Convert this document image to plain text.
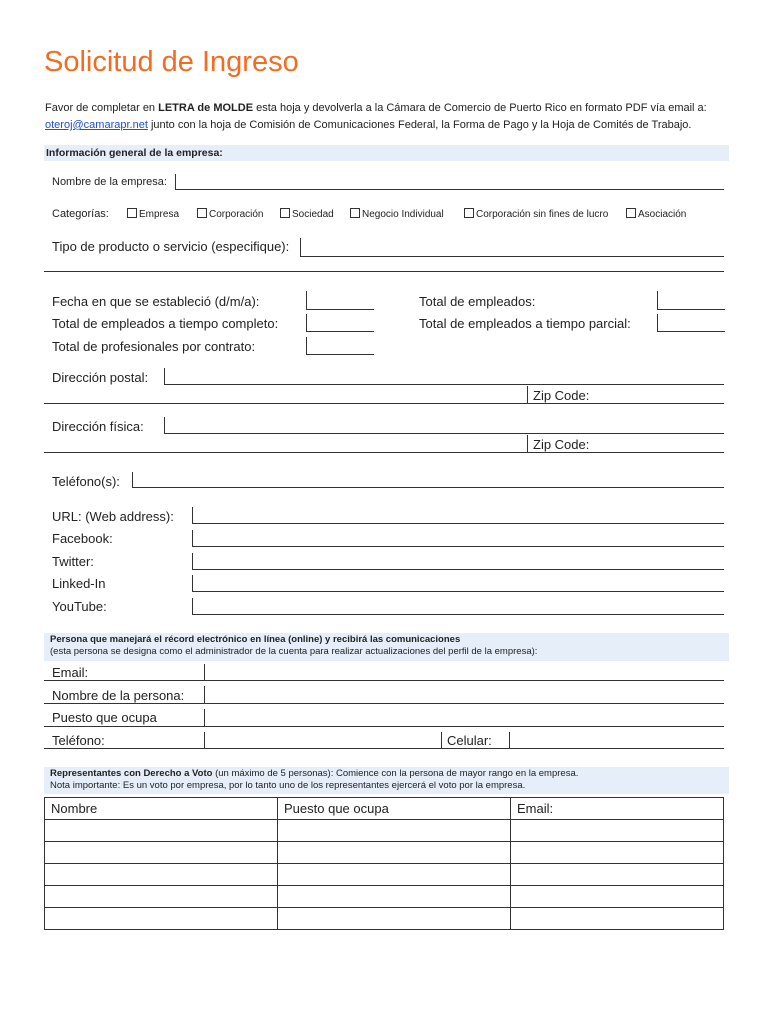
Solicitud de Ingreso
Favor de completar en LETRA de MOLDE esta hoja y devolverla a la Cámara de Comercio de Puerto Rico en formato PDF vía email a:
oteroj@camarapr.net junto con la hoja de Comisión de Comunicaciones Federal, la Forma de Pago y la Hoja de Comités de Trabajo.
Información general de la empresa:
Nombre de la empresa:
Categorías:	Empresa	Corporación	Sociedad	Negocio Individual	Corporación sin fines de lucro	Asociación
Tipo de producto o servicio (especifique):
Fecha en que se estableció (d/m/a):	Total de empleados:
Total de empleados a tiempo completo:	Total de empleados a tiempo parcial:
Total de profesionales por contrato:
Dirección postal:
Zip Code:
Dirección física:
Zip Code:
Teléfono(s):
URL: (Web address):
Facebook:
Twitter:
Linked-In
YouTube:
Persona que manejará el récord electrónico en línea (online) y recibirá las comunicaciones
(esta persona se designa como el administrador de la cuenta para realizar actualizaciones del perfil de la empresa):
Email:
Nombre de la persona:
Puesto que ocupa
Teléfono:	Celular:
Representantes con Derecho a Voto (un máximo de 5 personas): Comience con la persona de mayor rango en la empresa.
Nota importante: Es un voto por empresa, por lo tanto uno de los representantes ejercerá el voto por la empresa.
Nombre	Puesto que ocupa	Email:
